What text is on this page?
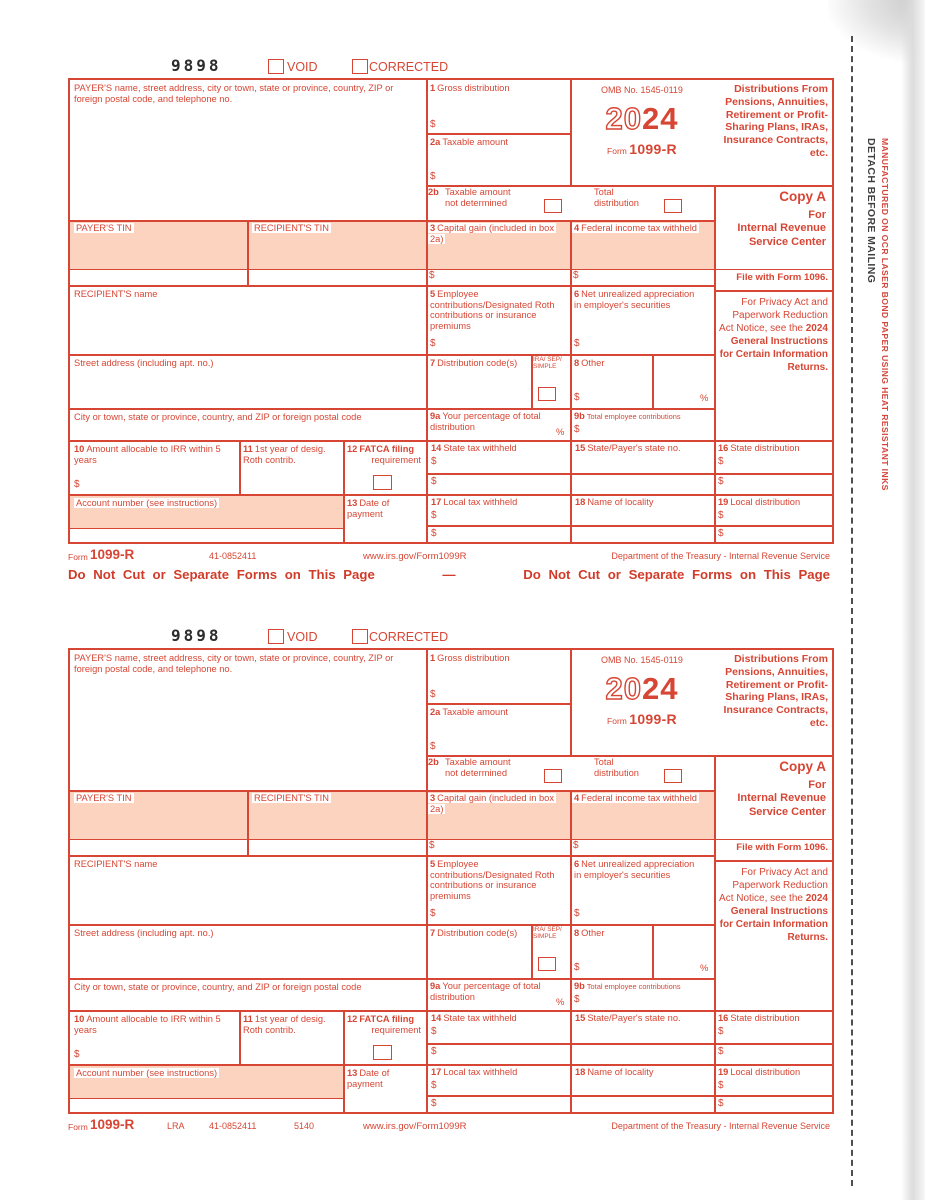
9898	VOID	CORRECTED
PAYER'S name, street address, city or town, state or province, country, ZIP or foreign postal code, and telephone no.
1 Gross distribution
$
OMB No. 1545-0119
2024
Form 1099-R
2a Taxable amount
$
2b Taxable amount
not determined
Total
distribution
Distributions From Pensions, Annuities, Retirement or Profit-Sharing Plans, IRAs, Insurance Contracts, etc.
Copy A
For
Internal Revenue Service Center
File with Form 1096.
For Privacy Act and Paperwork Reduction Act Notice, see the 2024 General Instructions for Certain Information Returns.
PAYER'S TIN	RECIPIENT'S TIN	3 Capital gain (included in box 2a)
$
4 Federal income tax withheld
$
RECIPIENT'S name	5 Employee contributions/Designated Roth contributions or insurance premiums
$
6 Net unrealized appreciation in employer's securities
$
Street address (including apt. no.)	7 Distribution code(s)	IRA/ SEP/ SIMPLE	8 Other
$	%
City or town, state or province, country, and ZIP or foreign postal code	9a Your percentage of total distribution
%
9b Total employee contributions
$
10 Amount allocable to IRR within 5 years
$
11 1st year of desig. Roth contrib.
12 FATCA filing
requirement
Account number (see instructions)	13 Date of payment
14 State tax withheld
$
$
15 State/Payer's state no.	16 State distribution
$
$
17 Local tax withheld
$
$
18 Name of locality	19 Local distribution
$
$
Form 1099-R	41-0852411	www.irs.gov/Form1099R	Department of the Treasury - Internal Revenue Service
Do Not Cut or Separate Forms on This Page	—	Do Not Cut or Separate Forms on This Page
DETACH BEFORE MAILING MANUFACTURED ON OCR LASER BOND PAPER USING HEAT RESISTANT INKS
9898	VOID	CORRECTED
PAYER'S name, street address, city or town, state or province, country, ZIP or foreign postal code, and telephone no.
1 Gross distribution
$
OMB No. 1545-0119
2024
Form 1099-R
2a Taxable amount
$
2b Taxable amount
not determined
Total
distribution
Distributions From Pensions, Annuities, Retirement or Profit-Sharing Plans, IRAs, Insurance Contracts, etc.
Copy A
For
Internal Revenue Service Center
File with Form 1096.
For Privacy Act and Paperwork Reduction Act Notice, see the 2024 General Instructions for Certain Information Returns.
PAYER'S TIN	RECIPIENT'S TIN	3 Capital gain (included in box 2a)
$
4 Federal income tax withheld
$
RECIPIENT'S name	5 Employee contributions/Designated Roth contributions or insurance premiums
$
6 Net unrealized appreciation in employer's securities
$
Street address (including apt. no.)	7 Distribution code(s)	IRA/ SEP/ SIMPLE	8 Other
$	%
City or town, state or province, country, and ZIP or foreign postal code	9a Your percentage of total distribution
%
9b Total employee contributions
$
10 Amount allocable to IRR within 5 years
$
11 1st year of desig. Roth contrib.
12 FATCA filing
requirement
Account number (see instructions)	13 Date of payment
14 State tax withheld
$
$
15 State/Payer's state no.	16 State distribution
$
$
17 Local tax withheld
$
$
18 Name of locality	19 Local distribution
$
$
Form 1099-R	LRA	41-0852411	5140	www.irs.gov/Form1099R	Department of the Treasury - Internal Revenue Service
